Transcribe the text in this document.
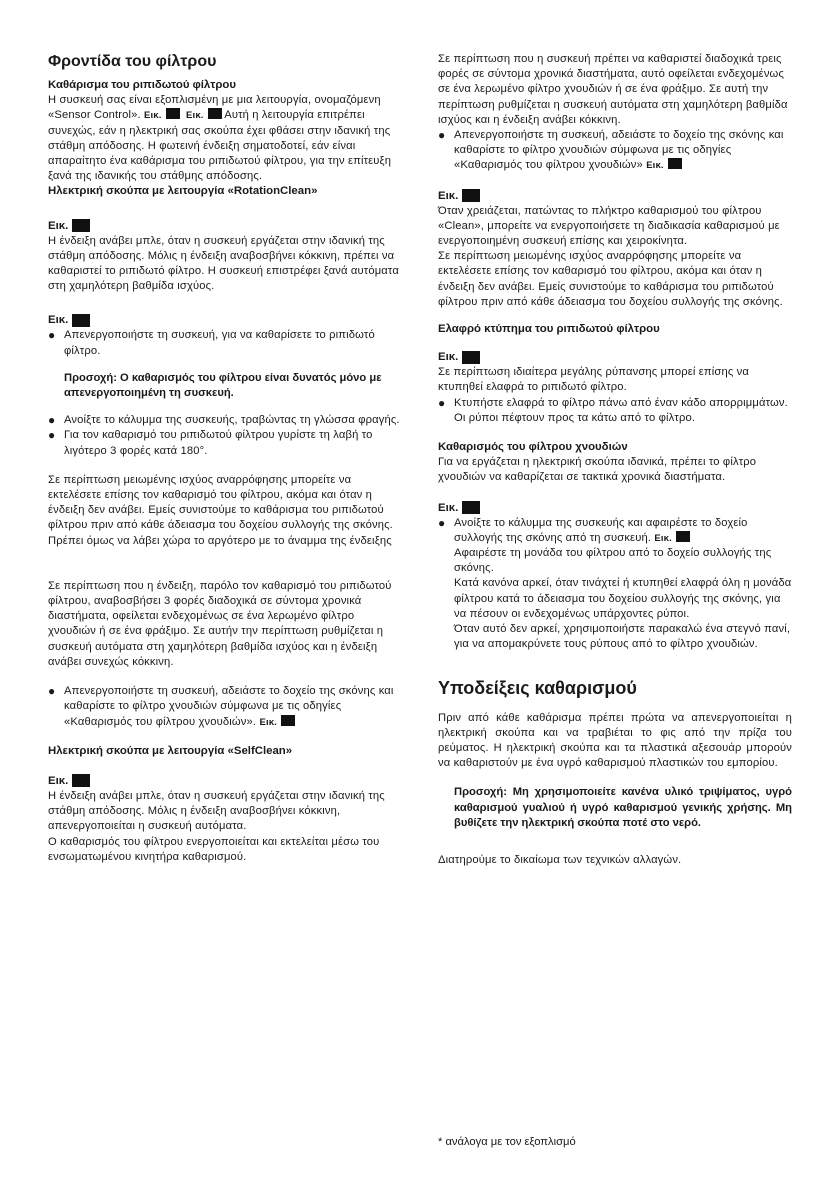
Φροντίδα του φίλτρου
Καθάρισμα του ριπιδωτού φίλτρου

Η συσκευή σας είναι εξοπλισμένη με μια λειτουργία, ονομαζόμενη «Sensor Control». Εικ.	Εικ. Αυτή η λειτουργία επιτρέπει συνεχώς, εάν η ηλεκτρική σας σκούπα έχει φθάσει στην ιδανική της στάθμη απόδοσης. Η φωτεινή ένδειξη σηματοδοτεί, εάν είναι απαραίτητο ένα καθάρισμα του ριπιδωτού φίλτρου, για την επίτευξη ξανά της ιδανικής του στάθμης απόδοσης.

Ηλεκτρική σκούπα με λειτουργία «RotationClean»
Εικ.

Η ένδειξη ανάβει μπλε, όταν η συσκευή εργάζεται στην ιδανική της στάθμη απόδοσης. Μόλις η ένδειξη αναβοσβήνει κόκκινη, πρέπει να καθαριστεί το ριπιδωτό φίλτρο. Η συσκευή επιστρέφει ξανά αυτόματα στη χαμηλότερη βαθμίδα ισχύος.

Εικ.
● Απενεργοποιήστε τη συσκευή, για να καθαρίσετε το ριπιδωτό φίλτρο.
Προσοχή: Ο καθαρισμός του φίλτρου είναι δυνατός μόνο με απενεργοποιημένη τη συσκευή.
● Ανοίξτε το κάλυμμα της συσκευής, τραβώντας τη γλώσσα φραγής.
● Για τον καθαρισμό του ριπιδωτού φίλτρου γυρίστε τη λαβή το λιγότερο 3 φορές κατά 180°.

Σε περίπτωση μειωμένης ισχύος αναρρόφησης μπορείτε να εκτελέσετε επίσης τον καθαρισμό του φίλτρου, ακόμα και όταν η ένδειξη δεν ανάβει. Εμείς συνιστούμε το καθάρισμα του ριπιδωτού φίλτρου πριν από κάθε άδειασμα του δοχείου συλλογής της σκόνης. Πρέπει όμως να λάβει χώρα το αργότερο με το άναμμα της ένδειξης

Σε περίπτωση που η ένδειξη, παρόλο τον καθαρισμό του ριπιδωτού φίλτρου, αναβοσβήσει 3 φορές διαδοχικά σε σύντομα χρονικά διαστήματα, οφείλεται ενδεχομένως σε ένα λερωμένο φίλτρο χνουδιών ή σε ένα φράξιμο. Σε αυτήν την περίπτωση ρυθμίζεται η συσκευή αυτόματα στη χαμηλότερη βαθμίδα ισχύος και η ένδειξη ανάβει συνεχώς κόκκινη.

● Απενεργοποιήστε τη συσκευή, αδειάστε το δοχείο της σκόνης και καθαρίστε το φίλτρο χνουδιών σύμφωνα με τις οδηγίες «Καθαρισμός του φίλτρου χνουδιών». Εικ.
Ηλεκτρική σκούπα με λειτουργία «SelfClean»
Εικ.

Η ένδειξη ανάβει μπλε, όταν η συσκευή εργάζεται στην ιδανική της στάθμη απόδοσης. Μόλις η ένδειξη αναβοσβήνει κόκκινη, απενεργοποιείται η συσκευή αυτόματα.

Ο καθαρισμός του φίλτρου ενεργοποιείται και εκτελείται μέσω του ενσωματωμένου κινητήρα καθαρισμού.

Σε περίπτωση που η συσκευή πρέπει να καθαριστεί διαδοχικά τρεις φορές σε σύντομα χρονικά διαστήματα, αυτό οφείλεται ενδεχομένως σε ένα λερωμένο φίλτρο χνουδιών ή σε ένα φράξιμο. Σε αυτή την περίπτωση ρυθμίζεται η συσκευή αυτόματα στη χαμηλότερη βαθμίδα ισχύος και η ένδειξη ανάβει κόκκινη.

● Απενεργοποιήστε τη συσκευή, αδειάστε το δοχείο της σκόνης και καθαρίστε το φίλτρο χνουδιών σύμφωνα με τις οδηγίες «Καθαρισμός του φίλτρου χνουδιών» Εικ.
Εικ.

Όταν χρειάζεται, πατώντας το πλήκτρο καθαρισμού του φίλτρου «Clean», μπορείτε να ενεργοποιήσετε τη διαδικασία καθαρισμού με ενεργοποιημένη συσκευή επίσης και χειροκίνητα.

Σε περίπτωση μειωμένης ισχύος αναρρόφησης μπορείτε να εκτελέσετε επίσης τον καθαρισμό του φίλτρου, ακόμα και όταν η ένδειξη δεν ανάβει. Εμείς συνιστούμε το καθάρισμα του ριπιδωτού φίλτρου πριν από κάθε άδειασμα του δοχείου συλλογής της σκόνης.

Ελαφρό κτύπημα του ριπιδωτού φίλτρου
Εικ.

Σε περίπτωση ιδιαίτερα μεγάλης ρύπανσης μπορεί επίσης να κτυπηθεί ελαφρά το ριπιδωτό φίλτρο.

● Κτυπήστε ελαφρά το φίλτρο πάνω από έναν κάδο απορριμμάτων.

Οι ρύποι πέφτουν προς τα κάτω από το φίλτρο.

Καθαρισμός του φίλτρου χνουδιών

Για να εργάζεται η ηλεκτρική σκούπα ιδανικά, πρέπει το φίλτρο χνουδιών να καθαρίζεται σε τακτικά χρονικά διαστήματα.

Εικ.
● Ανοίξτε το κάλυμμα της συσκευής και αφαιρέστε το δοχείο συλλογής της σκόνης από τη συσκευή. Εικ.

Αφαιρέστε τη μονάδα του φίλτρου από το δοχείο συλλογής της σκόνης.

Κατά κανόνα αρκεί, όταν τινάχτεί ή κτυπηθεί ελαφρά όλη η μονάδα φίλτρου κατά το άδειασμα του δοχείου συλλογής της σκόνης, για να πέσουν οι ενδεχομένως υπάρχοντες ρύποι.

Όταν αυτό δεν αρκεί, χρησιμοποιήστε παρακαλώ ένα στεγνό πανί, για να απομακρύνετε τους ρύπους από το φίλτρο χνουδιών.

Υποδείξεις καθαρισμού

Πριν από κάθε καθάρισμα πρέπει πρώτα να απενεργοποιείται η ηλεκτρική σκούπα και να τραβιέται το φις από την πρίζα του ρεύματος. Η ηλεκτρική σκούπα και τα πλαστικά αξεσουάρ μπορούν να καθαριστούν με ένα υγρό καθαρισμού πλαστικών του εμπορίου.

Προσοχή: Μη χρησιμοποιείτε κανένα υλικό τριψίματος, υγρό καθαρισμού γυαλιού ή υγρό καθαρισμού γενικής χρήσης. Μη βυθίζετε την ηλεκτρική σκούπα ποτέ στο νερό.

Διατηρούμε το δικαίωμα των τεχνικών αλλαγών.

* ανάλογα με τον εξοπλισμό
